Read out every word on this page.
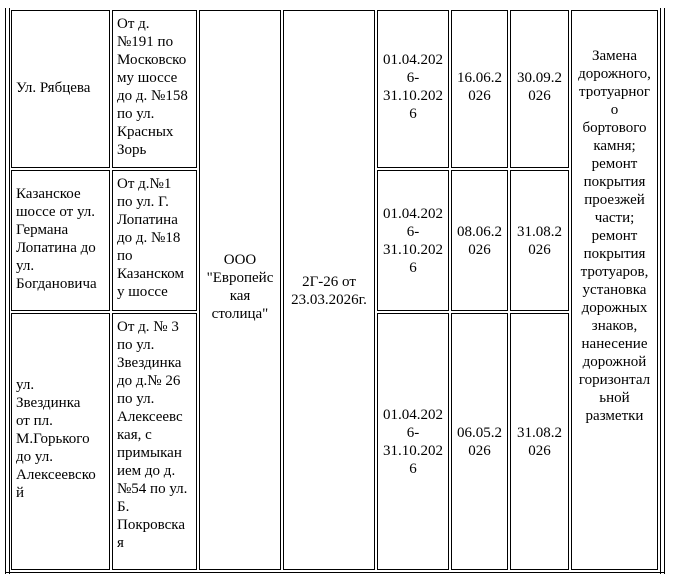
Ул. Рябцева
От д.
№191 по
Московско
му шоссе
до д. №158
по ул.
Красных
Зорь
01.04.202
6-
31.10.202
6
16.06.2
026
30.09.2
026
Казанское
шоссе от ул.
Германа
Лопатина до
ул.
Богдановича
От д.№1
по ул. Г.
Лопатина
до д. №18
по
Казанском
у шоссе
01.04.202
6-
31.10.202
6
08.06.2
026
31.08.2
026
ул.
Звездинка
от пл.
М.Горького
до ул.
Алексеевско
й
От д. № 3
по ул.
Звездинка
до д.№ 26
по ул.
Алексеевс
кая, с
примыкан
ием до д.
№54 по ул.
Б.
Покровска
я
01.04.202
6-
31.10.202
6
06.05.2
026
31.08.2
026
ООО
"Европейс
кая
столица"
2Г-26 от
23.03.2026г.
Замена
дорожного,
тротуарног
о
бортового
камня;
ремонт
покрытия
проезжей
части;
ремонт
покрытия
тротуаров,
установка
дорожных
знаков,
нанесение
дорожной
горизонтал
ьной
разметки
